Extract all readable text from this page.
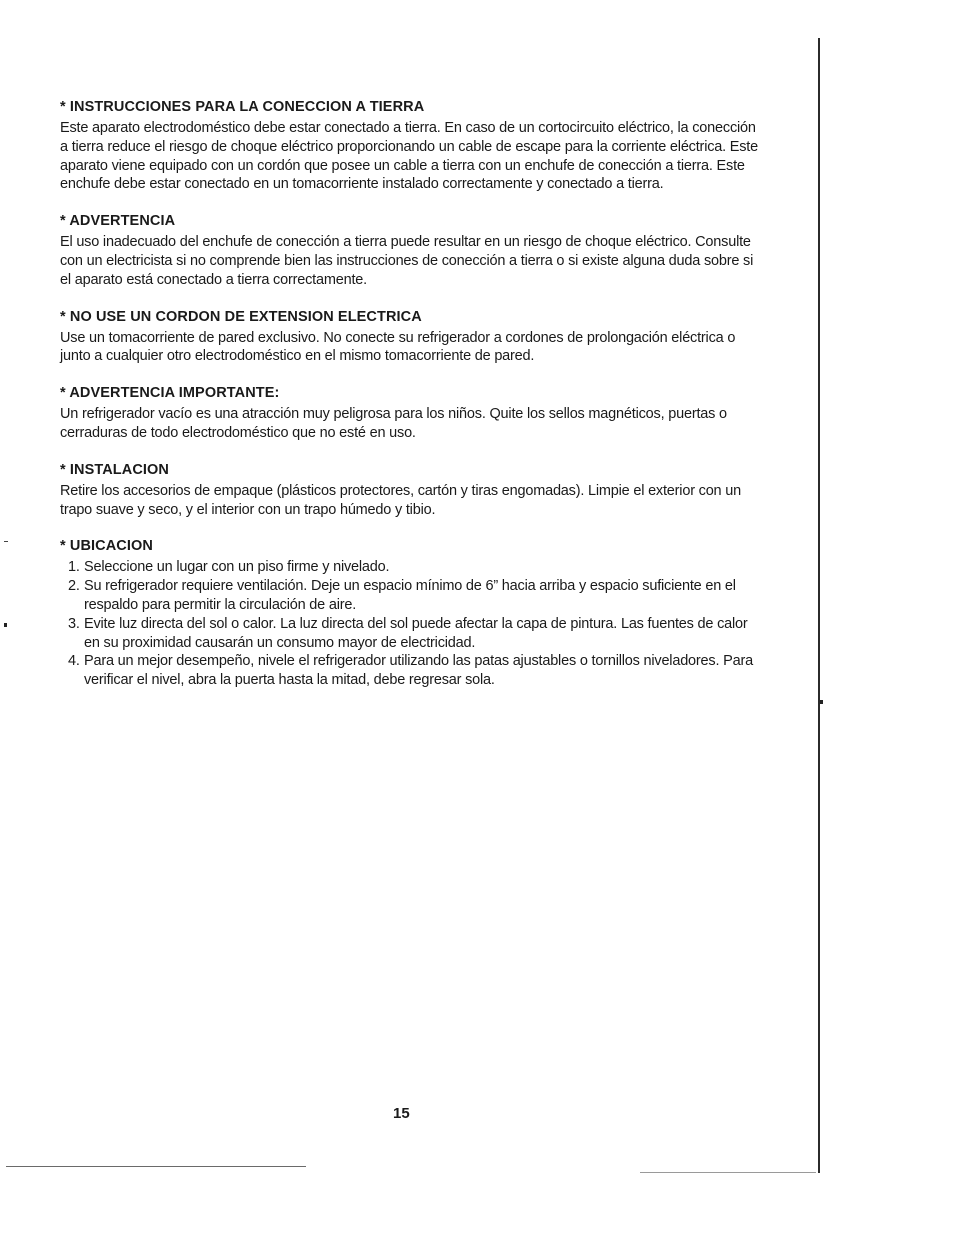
* INSTRUCCIONES PARA LA CONECCION A TIERRA

Este aparato electrodoméstico debe estar conectado a tierra. En caso de un cortocircuito eléctrico, la conección a tierra reduce el riesgo de choque eléctrico proporcionando un cable de escape para la corriente eléctrica. Este aparato viene equipado con un cordón que posee un cable a tierra con un enchufe de conección a tierra. Este enchufe debe estar conectado en un tomacorriente instalado correctamente y conectado a tierra.

* ADVERTENCIA

El uso inadecuado del enchufe de conección a tierra puede resultar en un riesgo de choque eléctrico. Consulte con un electricista si no comprende bien las instrucciones de conección a tierra o si existe alguna duda sobre si el aparato está conectado a tierra correctamente.

* NO USE UN CORDON DE EXTENSION ELECTRICA

Use un tomacorriente de pared exclusivo. No conecte su refrigerador a cordones de prolongación eléctrica o junto a cualquier otro electrodoméstico en el mismo tomacorriente de pared.

* ADVERTENCIA IMPORTANTE:

Un refrigerador vacío es una atracción muy peligrosa para los niños. Quite los sellos magnéticos, puertas o cerraduras de todo electrodoméstico que no esté en uso.

* INSTALACION

Retire los accesorios de empaque (plásticos protectores, cartón y tiras engomadas). Limpie el exterior con un trapo suave y seco, y el interior con un trapo húmedo y tibio.

* UBICACION
1. Seleccione un lugar con un piso firme y nivelado.
2. Su refrigerador requiere ventilación. Deje un espacio mínimo de 6” hacia arriba y espacio suficiente en el respaldo para permitir la circulación de aire.
3. Evite luz directa del sol o calor. La luz directa del sol puede afectar la capa de pintura. Las fuentes de calor en su proximidad causarán un consumo mayor de electricidad.
4. Para un mejor desempeño, nivele el refrigerador utilizando las patas ajustables o tornillos niveladores. Para verificar el nivel, abra la puerta hasta la mitad, debe regresar sola.
15
